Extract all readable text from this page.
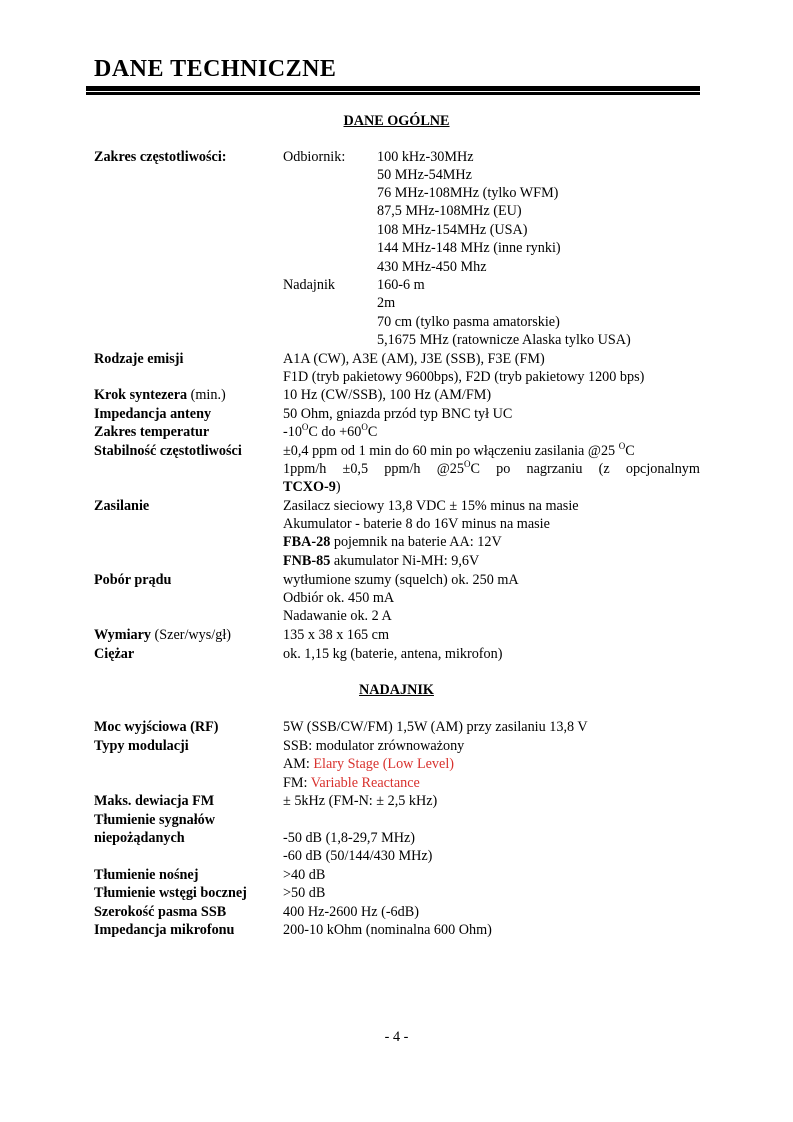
DANE TECHNICZNE
DANE OGÓLNE
Zakres częstotliwości:	Odbiornik: 100 kHz-30MHz
50 MHz-54MHz
76 MHz-108MHz (tylko WFM)
87,5 MHz-108MHz (EU)
108 MHz-154MHz (USA)
144 MHz-148 MHz (inne rynki)
430 MHz-450 Mhz
Nadajnik	160-6 m
2m
70 cm (tylko pasma amatorskie)
5,1675 MHz (ratownicze Alaska tylko USA)
Rodzaje emisji	A1A (CW), A3E (AM), J3E (SSB), F3E (FM)
F1D (tryb pakietowy 9600bps), F2D (tryb pakietowy 1200 bps)
Krok syntezera (min.)	10 Hz (CW/SSB), 100 Hz (AM/FM)
Impedancja anteny	50 Ohm, gniazda przód typ BNC tył UC
Zakres temperatur	$-10^OC$ do $+60^OC$
Stabilność częstotliwości	±0,4 ppm od 1 min do 60 min po włączeniu zasilania @25 $^O$C
1ppm/h ±0,5 ppm/h $@25^OC$ po nagrzaniu (z opcjonalnym
TCXO-9)
Zasilanie	Zasilacz sieciowy 13,8 VDC ± 15% minus na masie
Akumulator - baterie 8 do 16V minus na masie
FBA-28 pojemnik na baterie AA: 12V
FNB-85 akumulator Ni-MH: 9,6V
Pobór prądu	wytłumione szumy (squelch) ok. 250 mA
Odbiór ok. 450 mA
Nadawanie ok. 2 A
Wymiary (Szer/wys/gł)	135 x 38 x 165 cm
Ciężar	ok. 1,15 kg (baterie, antena, mikrofon)
NADAJNIK
Moc wyjściowa (RF)	5W (SSB/CW/FM) 1,5W (AM) przy zasilaniu 13,8 V
Typy modulacji	SSB: modulator zrównoważony
AM: Elary Stage (Low Level)
FM: Variable Reactance
Maks. dewiacja FM	± 5kHz (FM-N: ± 2,5 kHz)
Tłumienie sygnałów
niepożądanych	-50 dB (1,8-29,7 MHz)
-60 dB (50/144/430 MHz)
Tłumienie nośnej	>40 dB
Tłumienie wstęgi bocznej	>50 dB
Szerokość pasma SSB	400 Hz-2600 Hz (-6dB)
Impedancja mikrofonu	200-10 kOhm (nominalna 600 Ohm)
- 4 -
